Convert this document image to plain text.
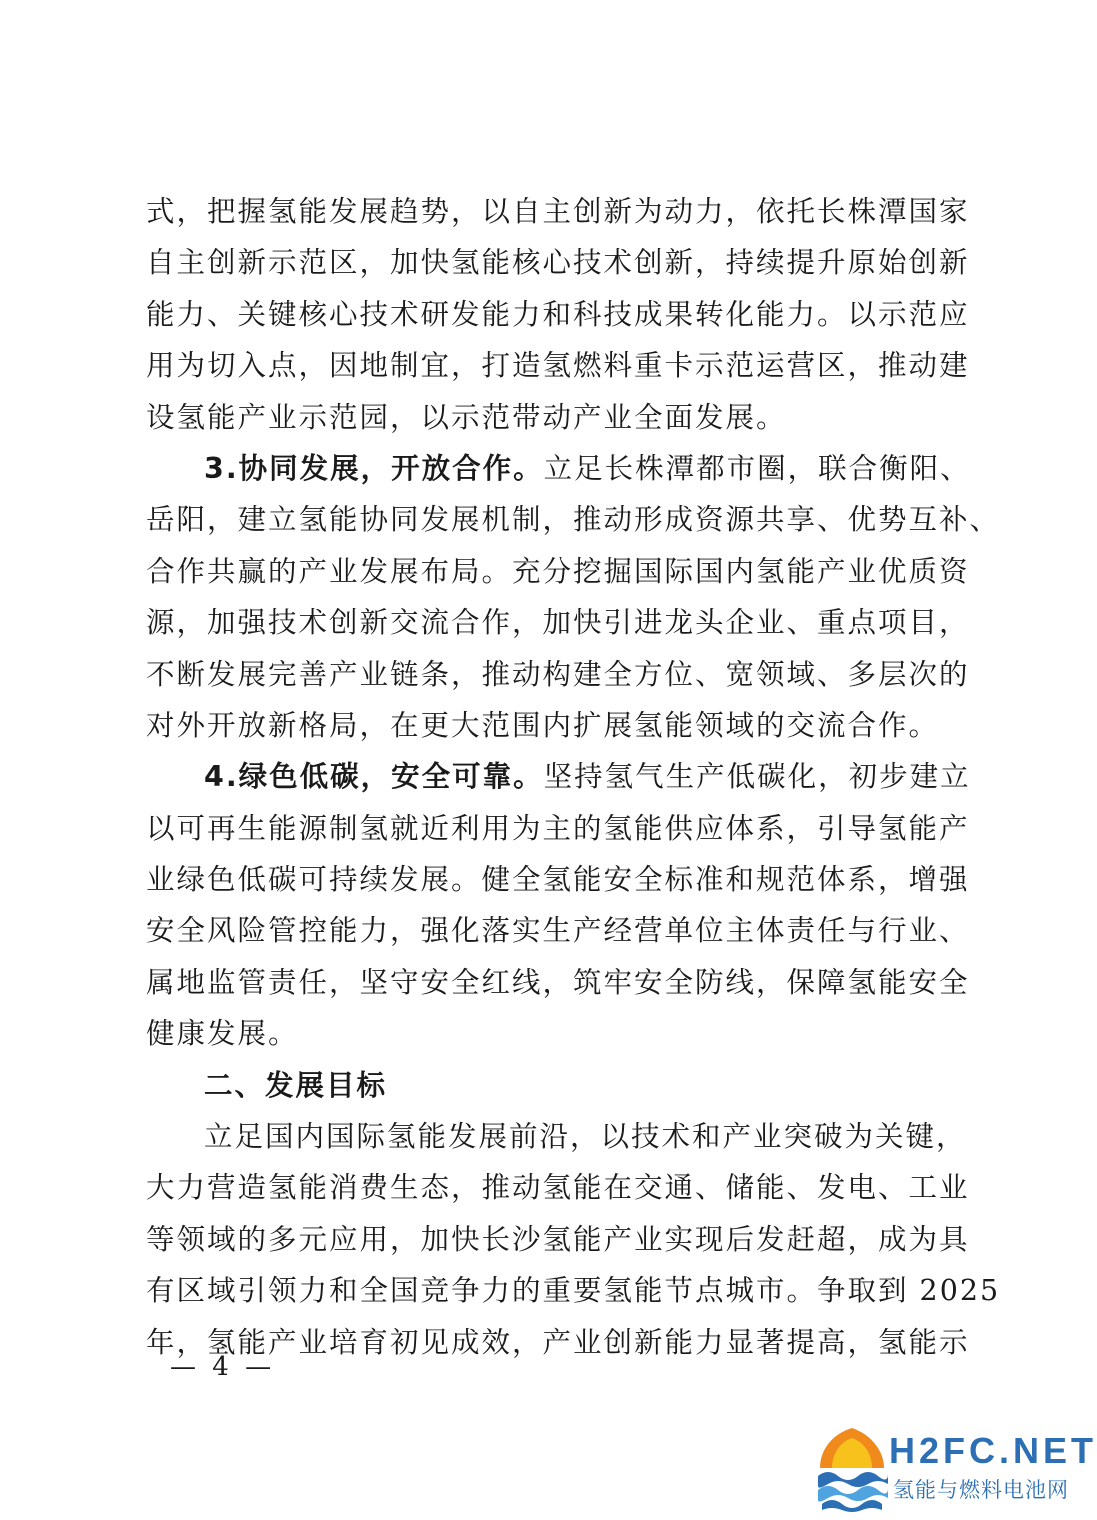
式，把握氢能发展趋势，以自主创新为动力，依托长株潭国家
自主创新示范区，加快氢能核心技术创新，持续提升原始创新
能力、关键核心技术研发能力和科技成果转化能力。以示范应
用为切入点，因地制宜，打造氢燃料重卡示范运营区，推动建
设氢能产业示范园，以示范带动产业全面发展。
3.协同发展，开放合作。立足长株潭都市圈，联合衡阳、
岳阳，建立氢能协同发展机制，推动形成资源共享、优势互补、
合作共赢的产业发展布局。充分挖掘国际国内氢能产业优质资
源，加强技术创新交流合作，加快引进龙头企业、重点项目，
不断发展完善产业链条，推动构建全方位、宽领域、多层次的
对外开放新格局，在更大范围内扩展氢能领域的交流合作。
4.绿色低碳，安全可靠。坚持氢气生产低碳化，初步建立
以可再生能源制氢就近利用为主的氢能供应体系，引导氢能产
业绿色低碳可持续发展。健全氢能安全标准和规范体系，增强
安全风险管控能力，强化落实生产经营单位主体责任与行业、
属地监管责任，坚守安全红线，筑牢安全防线，保障氢能安全
健康发展。
二、发展目标
立足国内国际氢能发展前沿，以技术和产业突破为关键，
大力营造氢能消费生态，推动氢能在交通、储能、发电、工业
等领域的多元应用，加快长沙氢能产业实现后发赶超，成为具
有区域引领力和全国竞争力的重要氢能节点城市。争取到 2025
年，氢能产业培育初见成效，产业创新能力显著提高，氢能示
— 4 —
H2FC.NET
氢能与燃料电池网
